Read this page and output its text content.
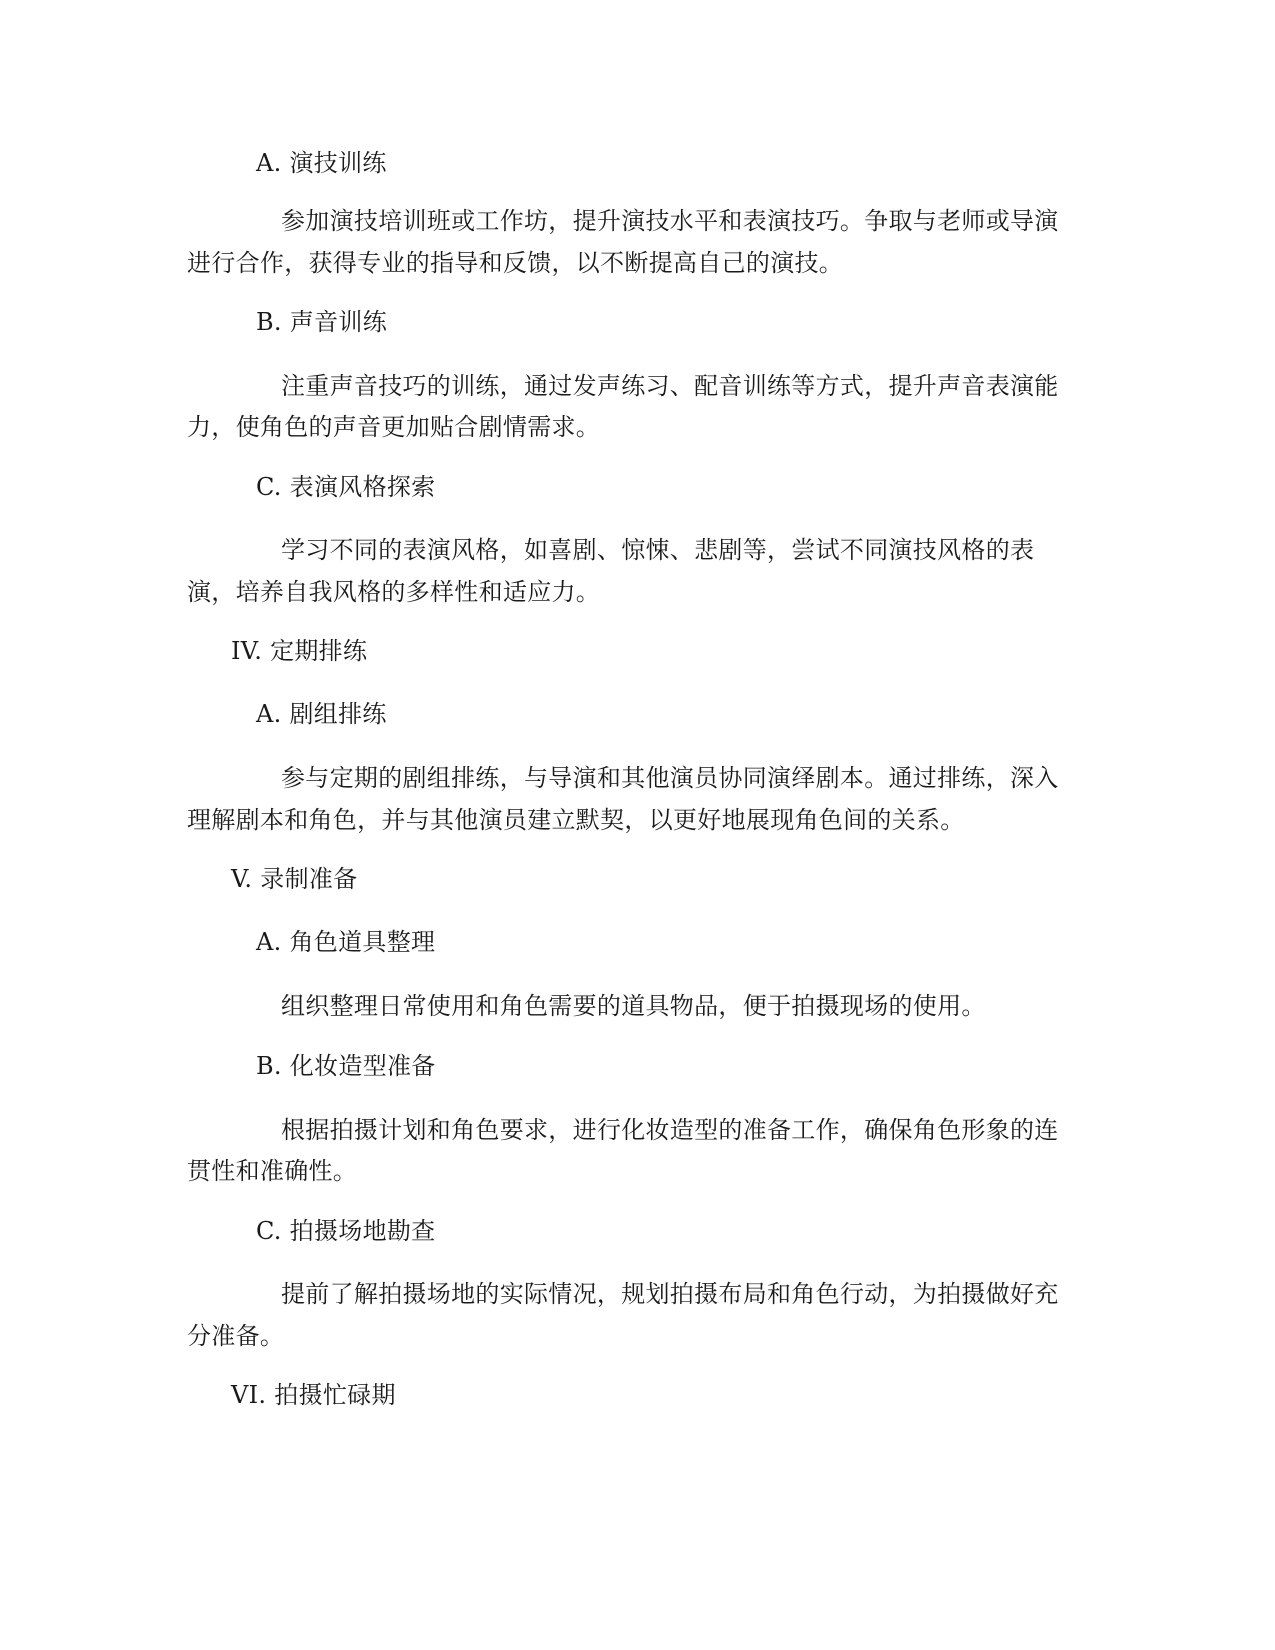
A. 演技训练
参加演技培训班或工作坊，提升演技水平和表演技巧。争取与老师或导演
进行合作，获得专业的指导和反馈，以不断提高自己的演技。
B. 声音训练
注重声音技巧的训练，通过发声练习、配音训练等方式，提升声音表演能
力，使角色的声音更加贴合剧情需求。
C. 表演风格探索
学习不同的表演风格，如喜剧、惊悚、悲剧等，尝试不同演技风格的表
演，培养自我风格的多样性和适应力。
IV. 定期排练
A. 剧组排练
参与定期的剧组排练，与导演和其他演员协同演绎剧本。通过排练，深入
理解剧本和角色，并与其他演员建立默契，以更好地展现角色间的关系。
V. 录制准备
A. 角色道具整理
组织整理日常使用和角色需要的道具物品，便于拍摄现场的使用。
B. 化妆造型准备
根据拍摄计划和角色要求，进行化妆造型的准备工作，确保角色形象的连
贯性和准确性。
C. 拍摄场地勘查
提前了解拍摄场地的实际情况，规划拍摄布局和角色行动，为拍摄做好充
分准备。
VI. 拍摄忙碌期
